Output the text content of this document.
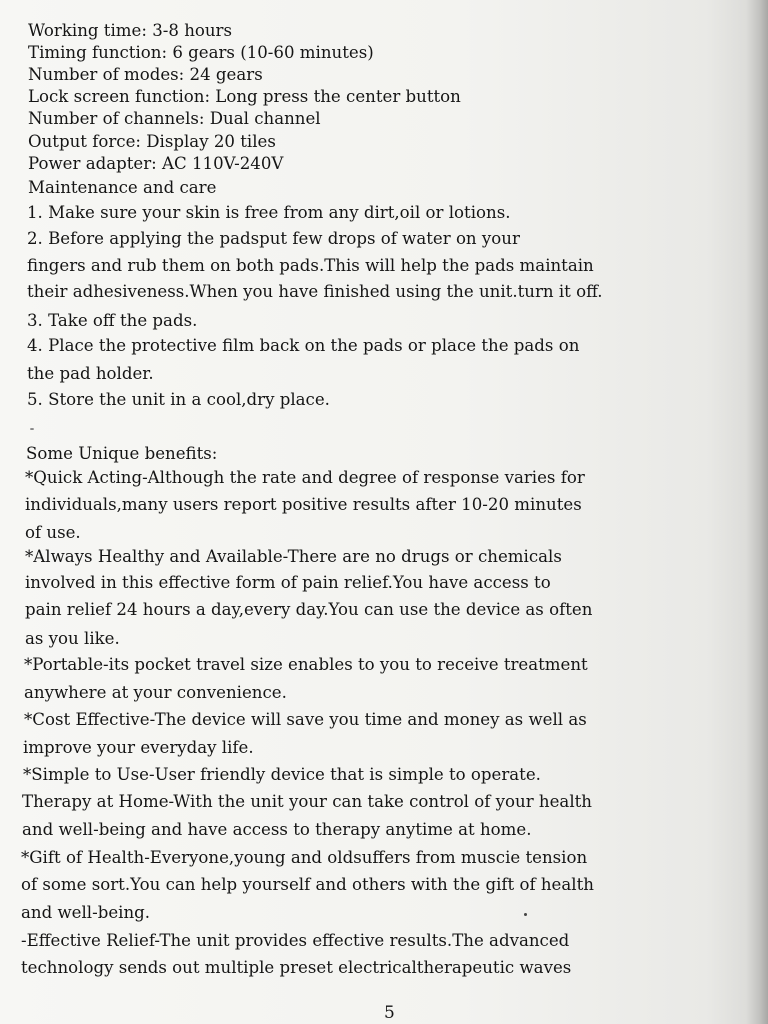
Working time: 3-8 hours
Timing function: 6 gears (10-60 minutes)
Number of modes: 24 gears
Lock screen function: Long press the center button
Number of channels: Dual channel
Output force: Display 20 tiles
Power adapter: AC 110V-240V
Maintenance and care
1. Make sure your skin is free from any dirt,oil or lotions.
2. Before applying the padsput few drops of water on your
fingers and rub them on both pads.This will help the pads maintain
their adhesiveness.When you have finished using the unit.turn it off.
3. Take off the pads.
4. Place the protective film back on the pads or place the pads on
the pad holder.
5. Store the unit in a cool,dry place.
Some Unique benefits:
*Quick Acting-Although the rate and degree of response varies for
individuals,many users report positive results after 10-20 minutes
of use.
*Always Healthy and Available-There are no drugs or chemicals
involved in this effective form of pain relief.You have access to
pain relief 24 hours a day,every day.You can use the device as often
as you like.
*Portable-its pocket travel size enables to you to receive treatment
anywhere at your convenience.
*Cost Effective-The device will save you time and money as well as
improve your everyday life.
*Simple to Use-User friendly device that is simple to operate.
Therapy at Home-With the unit your can take control of your health
and well-being and have access to therapy anytime at home.
*Gift of Health-Everyone,young and oldsuffers from muscie tension
of some sort.You can help yourself and others with the gift of health
and well-being.
-Effective Relief-The unit provides effective results.The advanced
technology sends out multiple preset electricaltherapeutic waves
5
